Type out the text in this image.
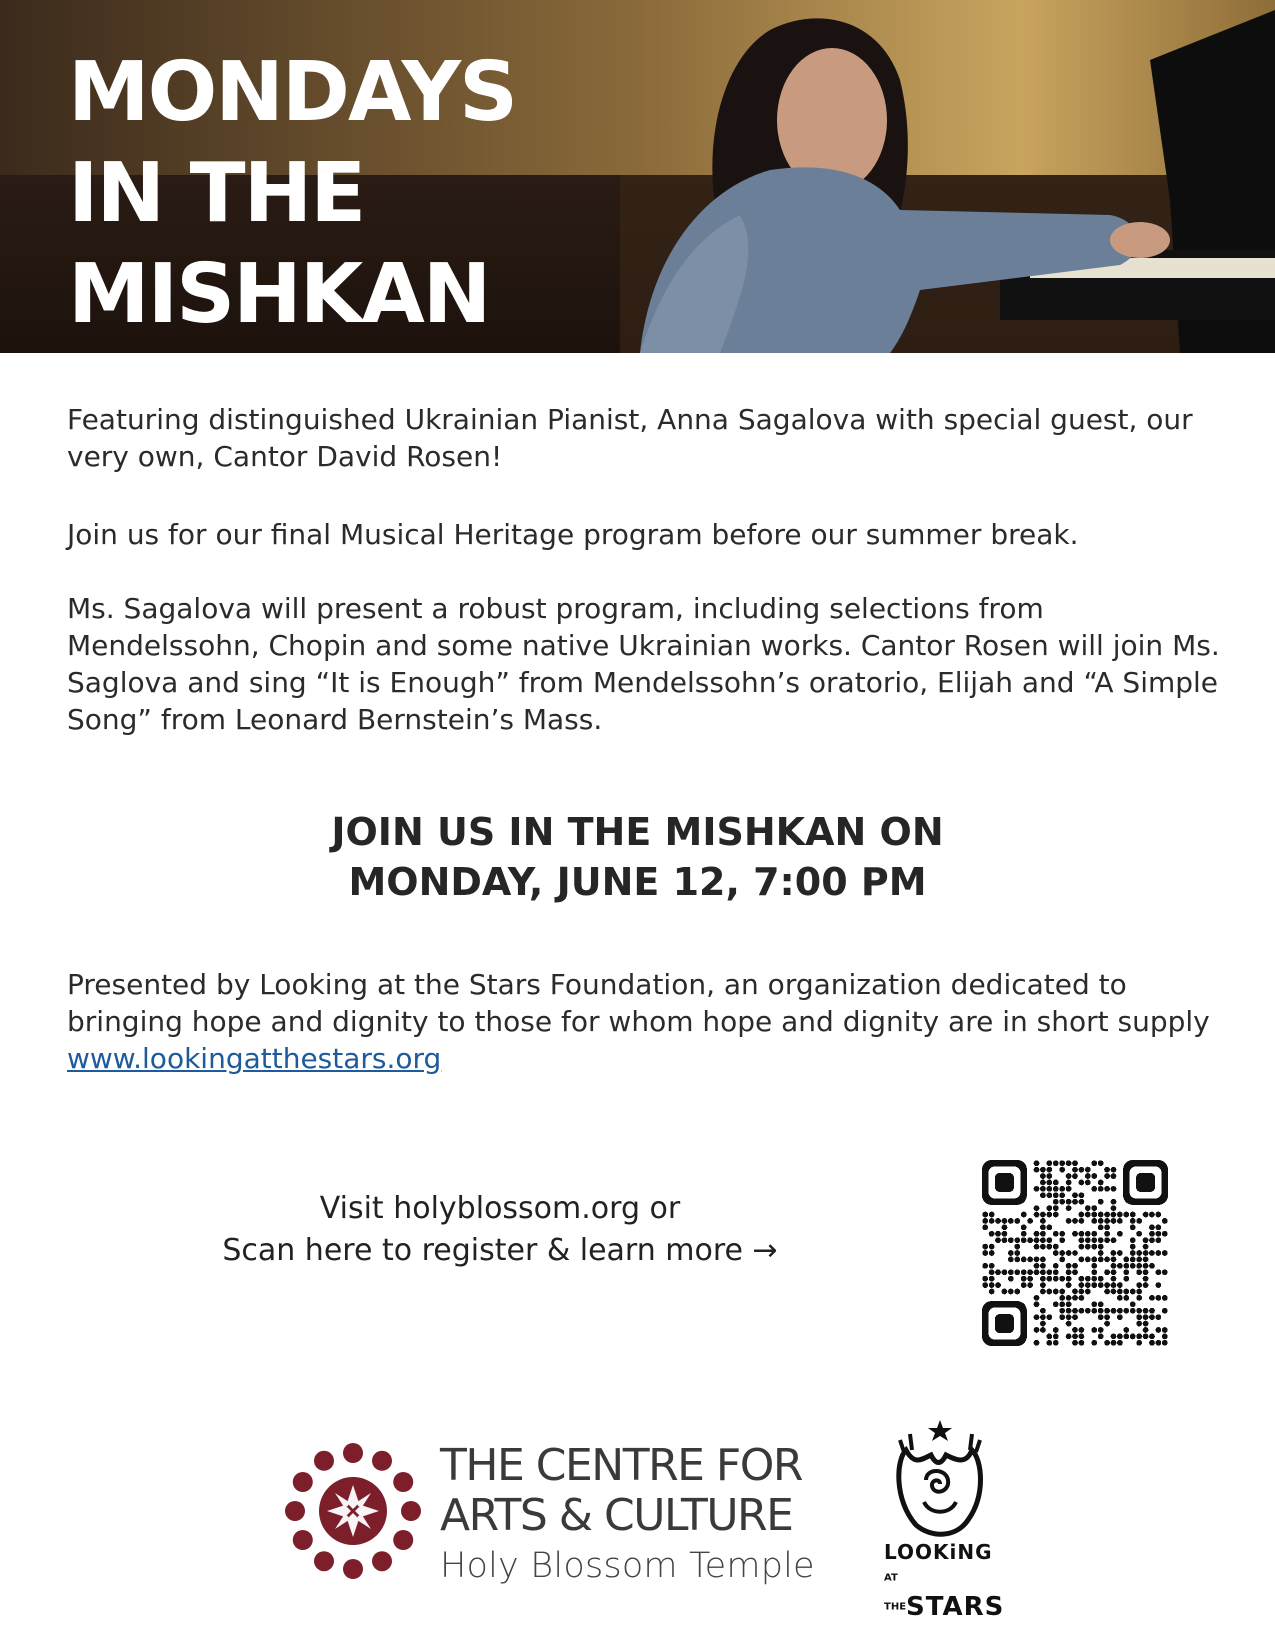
MONDAYS
IN THE
MISHKAN

Featuring distinguished Ukrainian Pianist, Anna Sagalova with special guest, our very own, Cantor David Rosen!

Join us for our final Musical Heritage program before our summer break.

Ms. Sagalova will present a robust program, including selections from Mendelssohn, Chopin and some native Ukrainian works. Cantor Rosen will join Ms. Saglova and sing “It is Enough” from Mendelssohn’s oratorio, Elijah and “A Simple Song” from Leonard Bernstein’s Mass.

JOIN US IN THE MISHKAN ON
MONDAY, JUNE 12, 7:00 PM

Presented by Looking at the Stars Foundation, an organization dedicated to bringing hope and dignity to those for whom hope and dignity are in short supply www.lookingatthestars.org

Visit holyblossom.org or
Scan here to register & learn more →
THE CENTRE FOR
ARTS & CULTURE
Holy Blossom Temple	LOOKiNG
AT THESTARS
